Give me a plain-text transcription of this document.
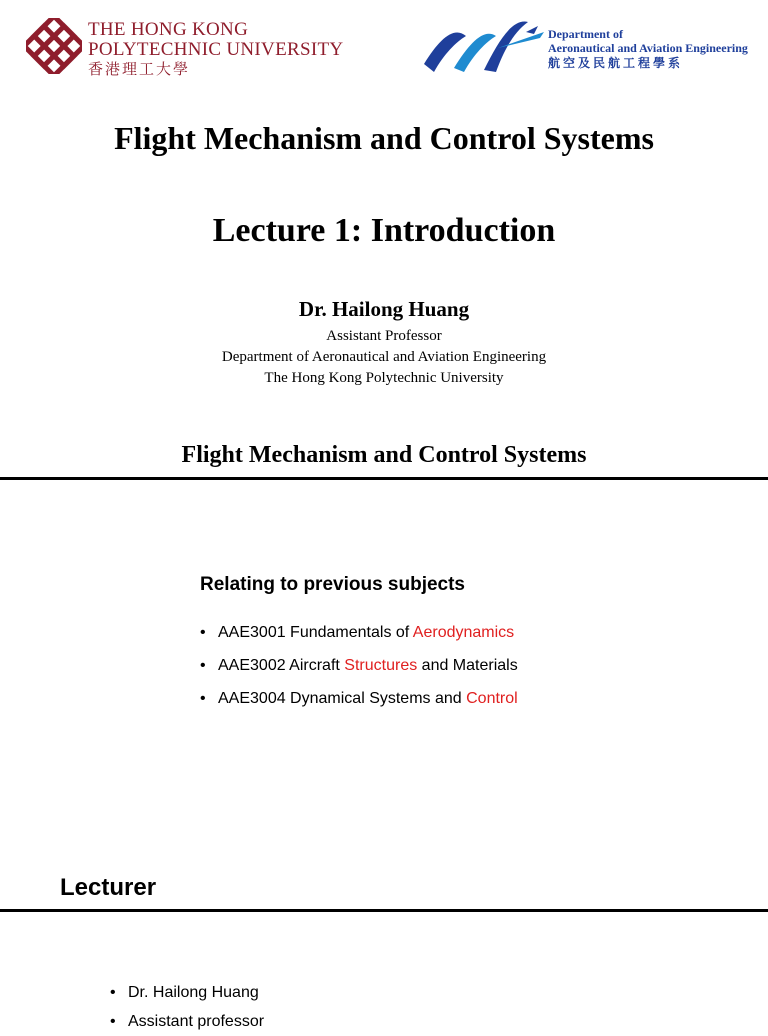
THE HONG KONG
POLYTECHNIC UNIVERSITY
香港理工大學
Department of
Aeronautical and Aviation Engineering
航空及民航工程學系
Flight Mechanism and Control Systems
Lecture 1: Introduction
Dr. Hailong Huang
Assistant Professor
Department of Aeronautical and Aviation Engineering
The Hong Kong Polytechnic University
Flight Mechanism and Control Systems
Relating to previous subjects
• AAE3001 Fundamentals of Aerodynamics
• AAE3002 Aircraft Structures and Materials
• AAE3004 Dynamical Systems and Control
Lecturer
• Dr. Hailong Huang
• Assistant professor
